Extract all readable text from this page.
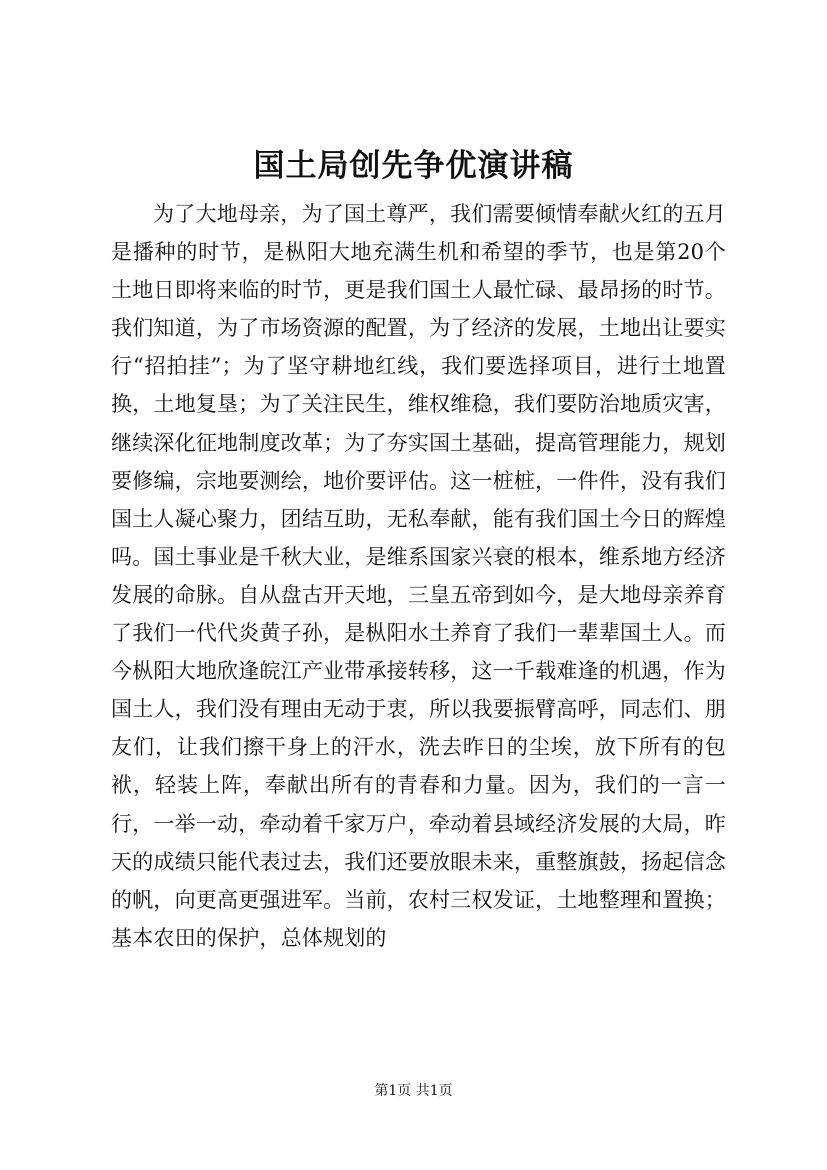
国土局创先争优演讲稿

为了大地母亲，为了国土尊严，我们需要倾情奉献火红的五月是播种的时节，是枞阳大地充满生机和希望的季节，也是第20个土地日即将来临的时节，更是我们国土人最忙碌、最昂扬的时节。我们知道，为了市场资源的配置，为了经济的发展，土地出让要实行“招拍挂”；为了坚守耕地红线，我们要选择项目，进行土地置换，土地复垦；为了关注民生，维权维稳，我们要防治地质灾害，继续深化征地制度改革；为了夯实国土基础，提高管理能力，规划要修编，宗地要测绘，地价要评估。这一桩桩，一件件，没有我们国土人凝心聚力，团结互助，无私奉献，能有我们国土今日的辉煌吗。国土事业是千秋大业，是维系国家兴衰的根本，维系地方经济发展的命脉。自从盘古开天地，三皇五帝到如今，是大地母亲养育了我们一代代炎黄子孙，是枞阳水土养育了我们一辈辈国土人。而今枞阳大地欣逢皖江产业带承接转移，这一千载难逢的机遇，作为国土人，我们没有理由无动于衷，所以我要振臂高呼，同志们、朋友们，让我们擦干身上的汗水，洗去昨日的尘埃，放下所有的包袱，轻装上阵，奉献出所有的青春和力量。因为，我们的一言一行，一举一动，牵动着千家万户，牵动着县域经济发展的大局，昨天的成绩只能代表过去，我们还要放眼未来，重整旗鼓，扬起信念的帆，向更高更强进军。当前，农村三权发证，土地整理和置换；基本农田的保护，总体规划的

第1页 共1页
